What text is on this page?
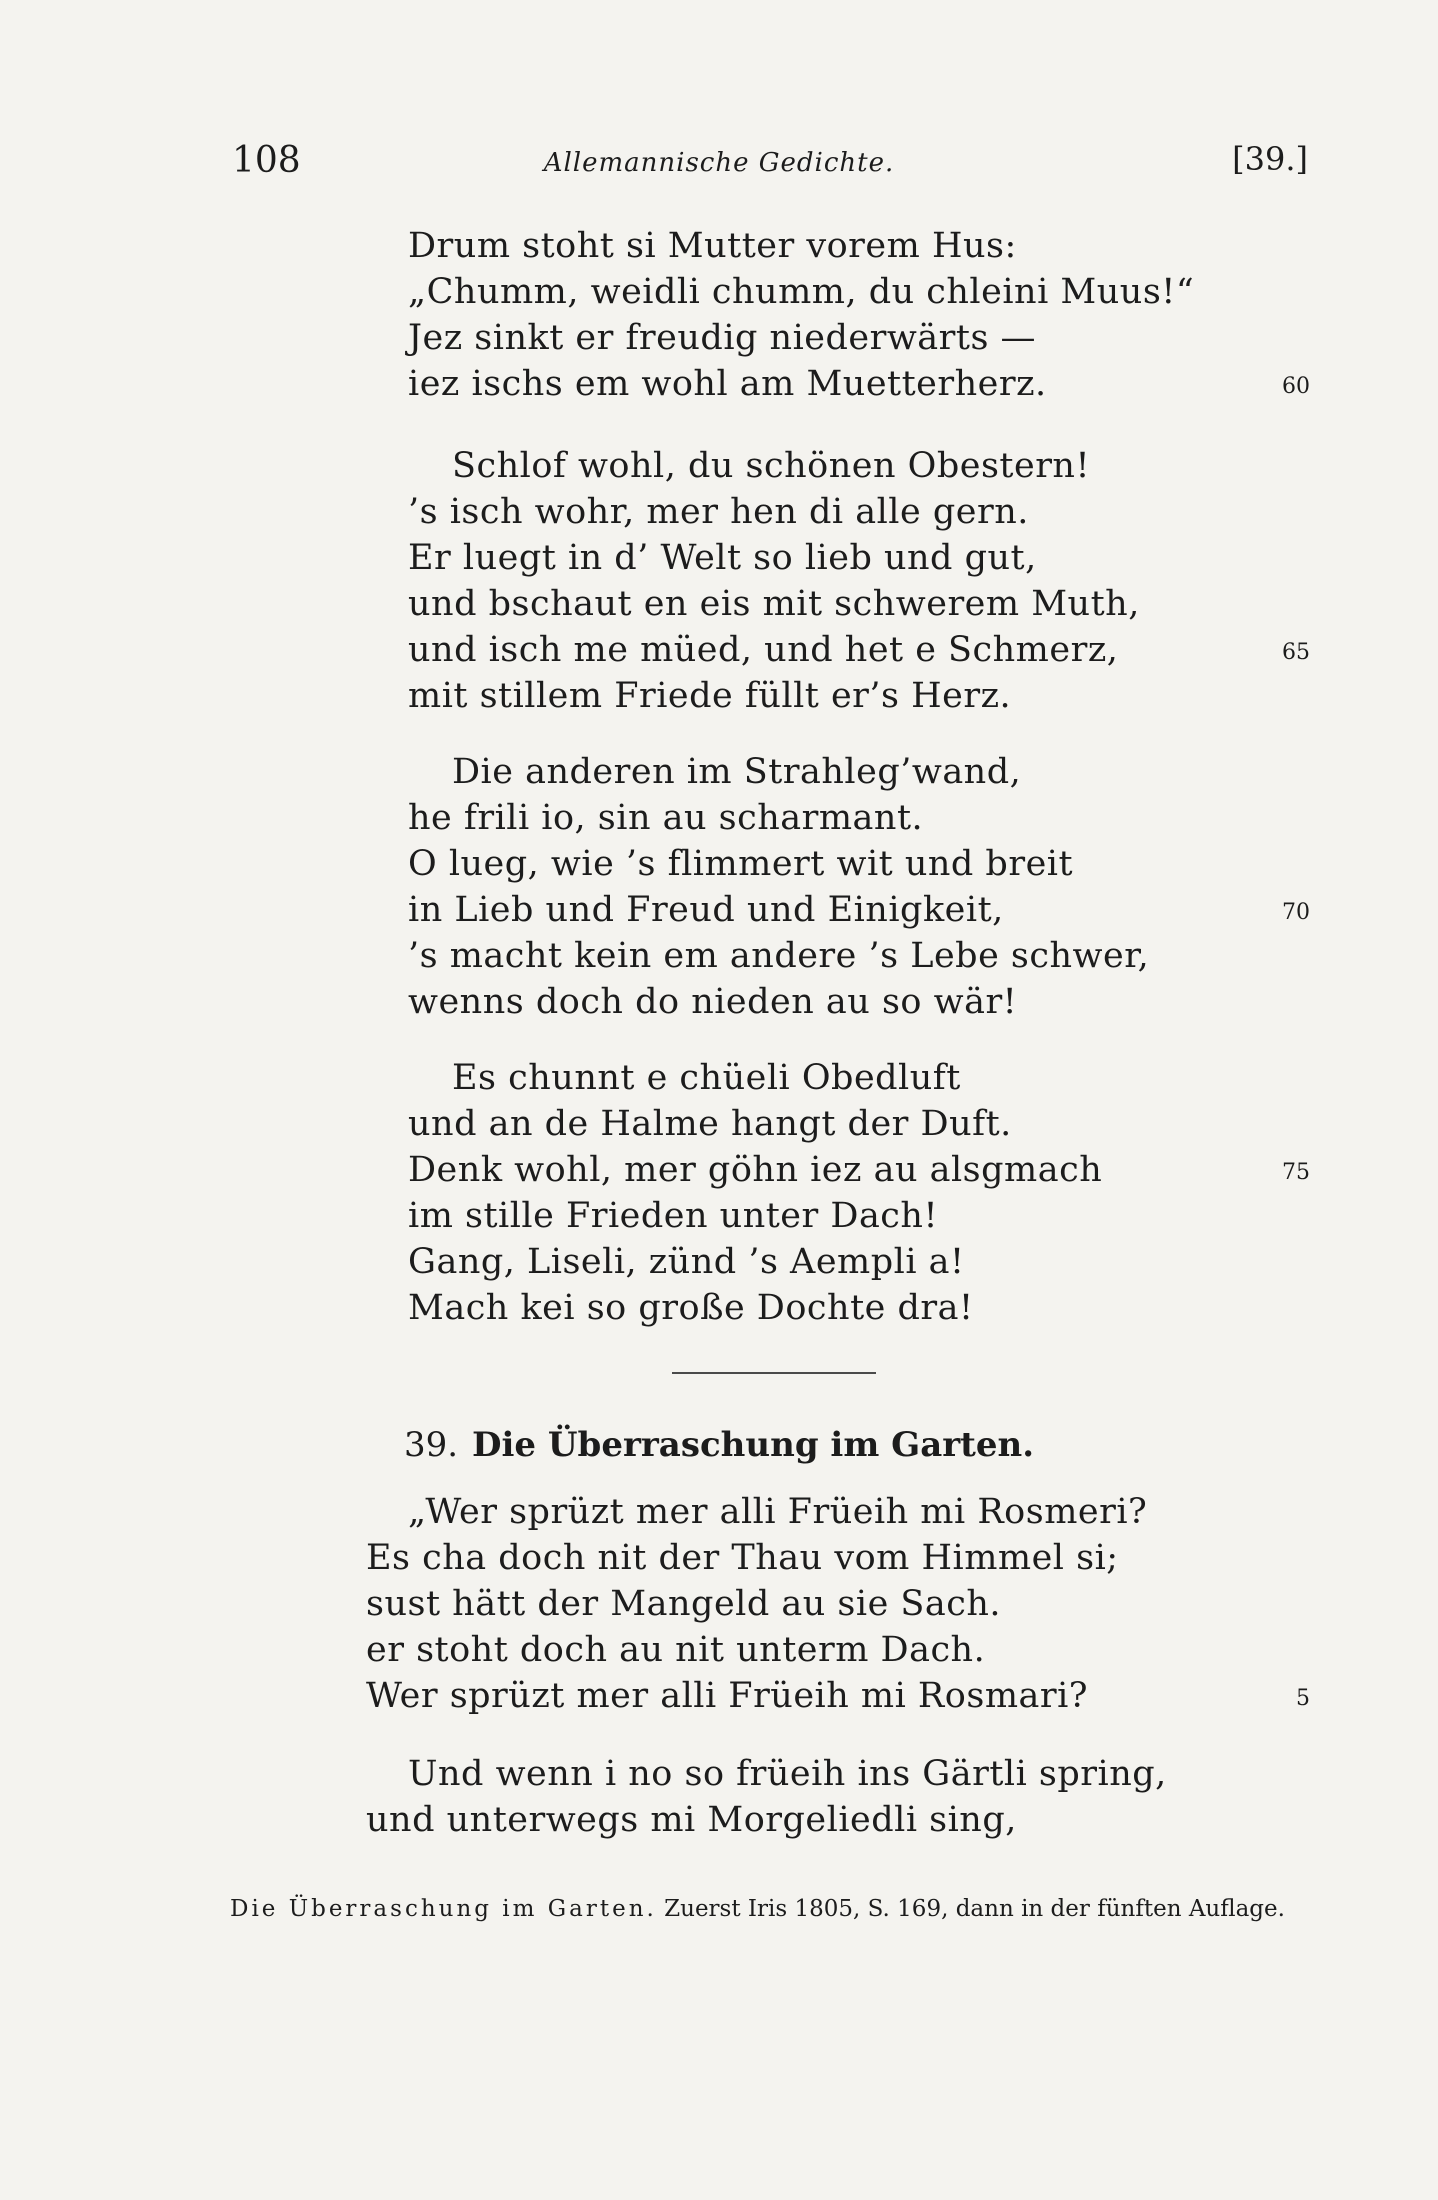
108	Allemannische Gedichte.	[39.]
Drum stoht si Mutter vorem Hus:
„Chumm, weidli chumm, du chleini Muus!“
Jez sinkt er freudig niederwärts —
iez ischs em wohl am Muetterherz.	60
Schlof wohl, du schönen Obestern!
’s isch wohr, mer hen di alle gern.
Er luegt in d’ Welt so lieb und gut,
und bschaut en eis mit schwerem Muth,
und isch me müed, und het e Schmerz,	65
mit stillem Friede füllt er’s Herz.
Die anderen im Strahleg’wand,
he frili io, sin au scharmant.
O lueg, wie ’s flimmert wit und breit
in Lieb und Freud und Einigkeit,	70
’s macht kein em andere ’s Lebe schwer,
wenns doch do nieden au so wär!
Es chunnt e chüeli Obedluft
und an de Halme hangt der Duft.
Denk wohl, mer göhn iez au alsgmach	75
im stille Frieden unter Dach!
Gang, Liseli, zünd ’s Aempli a!
Mach kei so große Dochte dra!
39. Die Überraschung im Garten.
„Wer sprüzt mer alli Früeih mi Rosmeri?
Es cha doch nit der Thau vom Himmel si;
sust hätt der Mangeld au sie Sach.
er stoht doch au nit unterm Dach.
Wer sprüzt mer alli Früeih mi Rosmari?	5
Und wenn i no so früeih ins Gärtli spring,
und unterwegs mi Morgeliedli sing,
Die Überraschung im Garten. Zuerst Iris 1805, S. 169, dann in der fünften Auflage.
